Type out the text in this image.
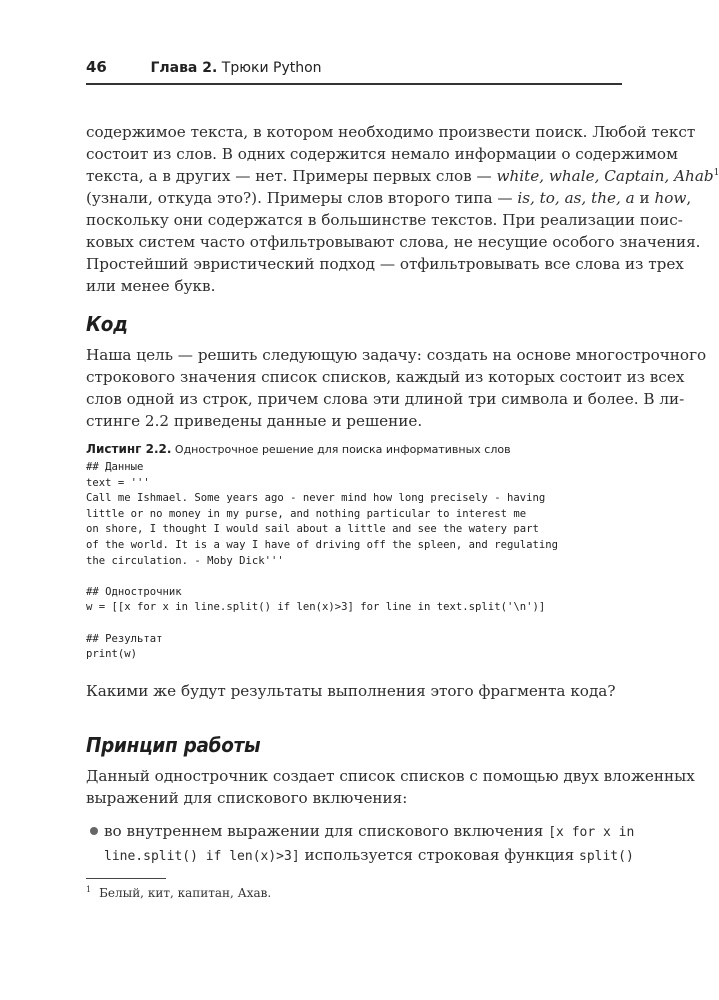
46	Глава 2. Трюки Python
содержимое текста, в котором необходимо произвести поиск. Любой текст
состоит из слов. В одних содержится немало информации о содержимом
текста, а в других — нет. Примеры первых слов — white, whale, Captain, Ahab$^1$
(узнали, откуда это?). Примеры слов второго типа — is, to, as, the, a и how,
поскольку они содержатся в большинстве текстов. При реализации поис-
ковых систем часто отфильтровывают слова, не несущие особого значения.
Простейший эвристический подход — отфильтровывать все слова из трех
или менее букв.
Код
Наша цель — решить следующую задачу: создать на основе многострочного
строкового значения список списков, каждый из которых состоит из всех
слов одной из строк, причем слова эти длиной три символа и более. В ли-
стинге 2.2 приведены данные и решение.
Листинг 2.2. Однострочное решение для поиска информативных слов
## Данные
text = '''
Call me Ishmael. Some years ago - never mind how long precisely - having
little or no money in my purse, and nothing particular to interest me
on shore, I thought I would sail about a little and see the watery part
of the world. It is a way I have of driving off the spleen, and regulating
the circulation. - Moby Dick'''

## Однострочник
w = [[x for x in line.split() if len(x)>3] for line in text.split('\n')]

## Результат
print(w)
Какими же будут результаты выполнения этого фрагмента кода?
Принцип работы
Данный однострочник создает список списков с помощью двух вложенных
выражений для спискового включения:
во внутреннем выражении для спискового включения [x for x in
line.split() if len(x)>3] используется строковая функция split()
$^1$ Белый, кит, капитан, Ахав.
